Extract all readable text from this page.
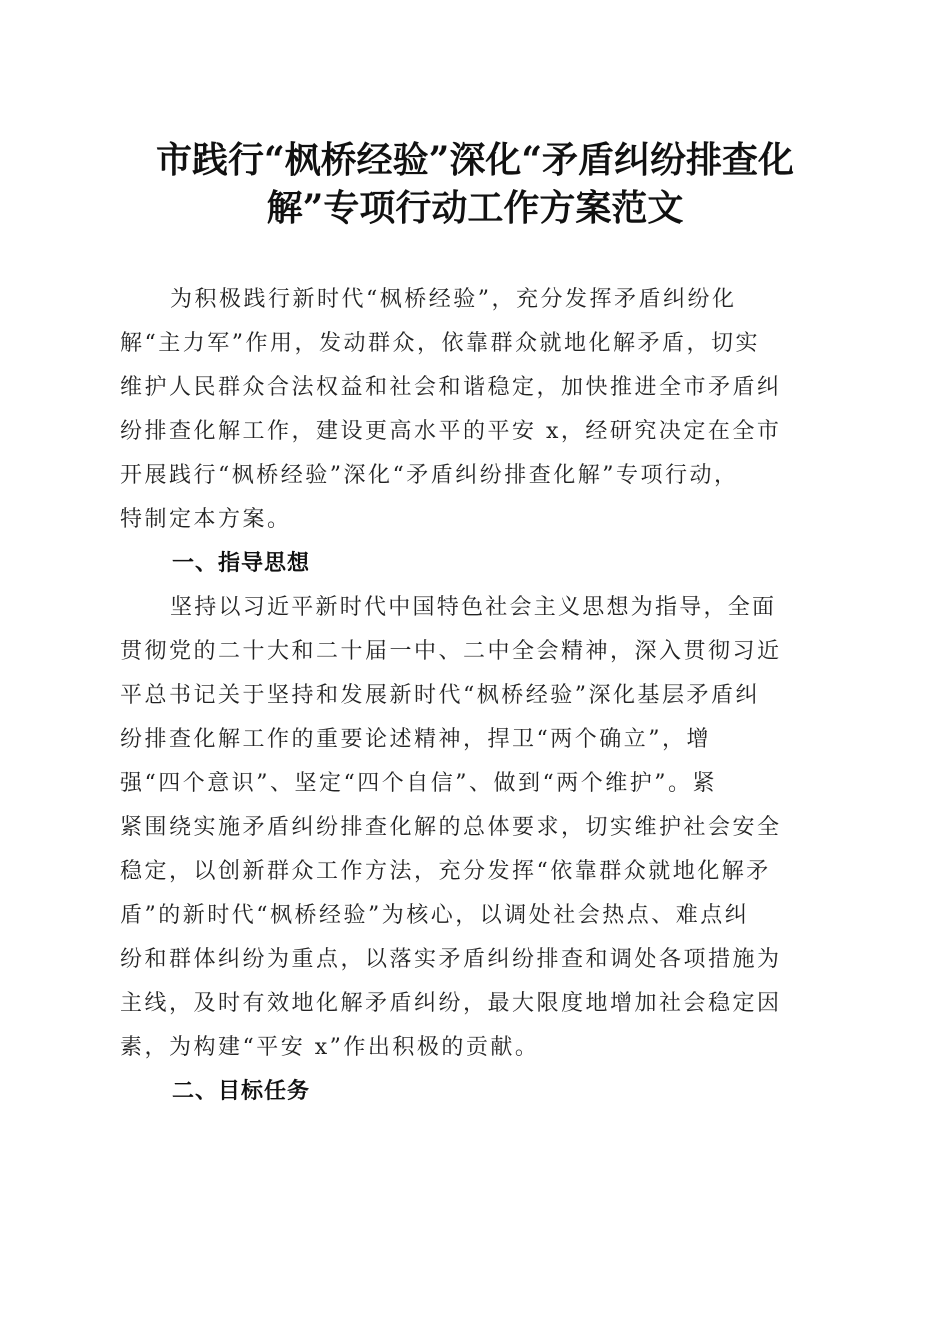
市践行“枫桥经验”深化“矛盾纠纷排查化
解”专项行动工作方案范文

为积极践行新时代“枫桥经验”，充分发挥矛盾纠纷化
解“主力军”作用，发动群众，依靠群众就地化解矛盾，切实
维护人民群众合法权益和社会和谐稳定，加快推进全市矛盾纠
纷排查化解工作，建设更高水平的平安 x，经研究决定在全市
开展践行“枫桥经验”深化“矛盾纠纷排查化解”专项行动，
特制定本方案。

一、指导思想

坚持以习近平新时代中国特色社会主义思想为指导，全面
贯彻党的二十大和二十届一中、二中全会精神，深入贯彻习近
平总书记关于坚持和发展新时代“枫桥经验”深化基层矛盾纠
纷排查化解工作的重要论述精神，捍卫“两个确立”，增
强“四个意识”、坚定“四个自信”、做到“两个维护”。紧
紧围绕实施矛盾纠纷排查化解的总体要求，切实维护社会安全
稳定，以创新群众工作方法，充分发挥“依靠群众就地化解矛
盾”的新时代“枫桥经验”为核心，以调处社会热点、难点纠
纷和群体纠纷为重点，以落实矛盾纠纷排查和调处各项措施为
主线，及时有效地化解矛盾纠纷，最大限度地增加社会稳定因
素，为构建“平安 x”作出积极的贡献。

二、目标任务
